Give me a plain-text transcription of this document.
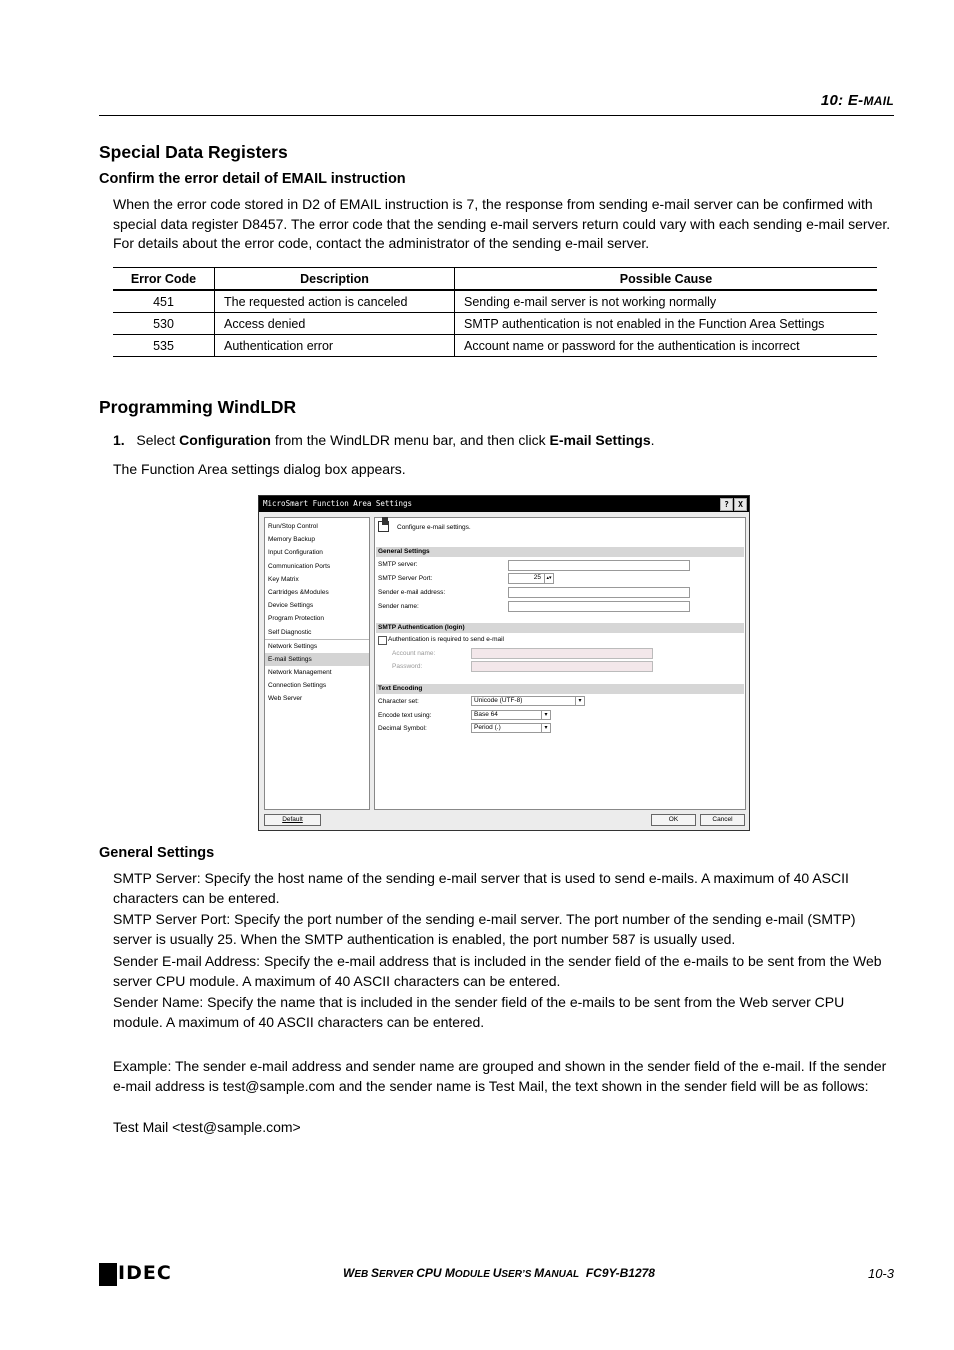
10: E-MAIL
Special Data Registers
Confirm the error detail of EMAIL instruction

When the error code stored in D2 of EMAIL instruction is 7, the response from sending e-mail server can be confirmed with special data register D8457. The error code that the sending e-mail servers return could vary with each sending e-mail server. For details about the error code, contact the administrator of the sending e-mail server.

Error Code	Description	Possible Cause
451	The requested action is canceled	Sending e-mail server is not working normally
530	Access denied	SMTP authentication is not enabled in the Function Area Settings
535	Authentication error	Account name or password for the authentication is incorrect
Programming WindLDR

1. Select Configuration from the WindLDR menu bar, and then click E-mail Settings.

The Function Area settings dialog box appears.

MicroSmart Function Area Settings	?	X
Run/Stop Control
Memory Backup
Input Configuration
Communication Ports
Key Matrix
Cartridges &Modules
Device Settings
Program Protection
Self Diagnostic
Network Settings
E-mail Settings
Network Management
Connection Settings
Web Server
Configure e-mail settings.
General Settings
SMTP server:
SMTP Server Port:	25	▴▾
Sender e-mail address:
Sender name:
SMTP Authentication (login)
Authentication is required to send e-mail
Account name:
Password:
Text Encoding
Character set:	Unicode (UTF-8)	▾
Encode text using:	Base 64	▾
Decimal Symbol:	Period (.)	▾
Default	OK	Cancel
General Settings

SMTP Server: Specify the host name of the sending e-mail server that is used to send e-mails. A maximum of 40 ASCII characters can be entered.

SMTP Server Port: Specify the port number of the sending e-mail server. The port number of the sending e-mail (SMTP) server is usually 25. When the SMTP authentication is enabled, the port number 587 is usually used.

Sender E-mail Address: Specify the e-mail address that is included in the sender field of the e-mails to be sent from the Web server CPU module. A maximum of 40 ASCII characters can be entered.

Sender Name: Specify the name that is included in the sender field of the e-mails to be sent from the Web server CPU module. A maximum of 40 ASCII characters can be entered.

Example: The sender e-mail address and sender name are grouped and shown in the sender field of the e-mail. If the sender e-mail address is test@sample.com and the sender name is Test Mail, the text shown in the sender field will be as follows:

Test Mail <test@sample.com>

IDEC	WEB SERVER CPU MODULE USER’S MANUAL FC9Y-B1278	10-3
